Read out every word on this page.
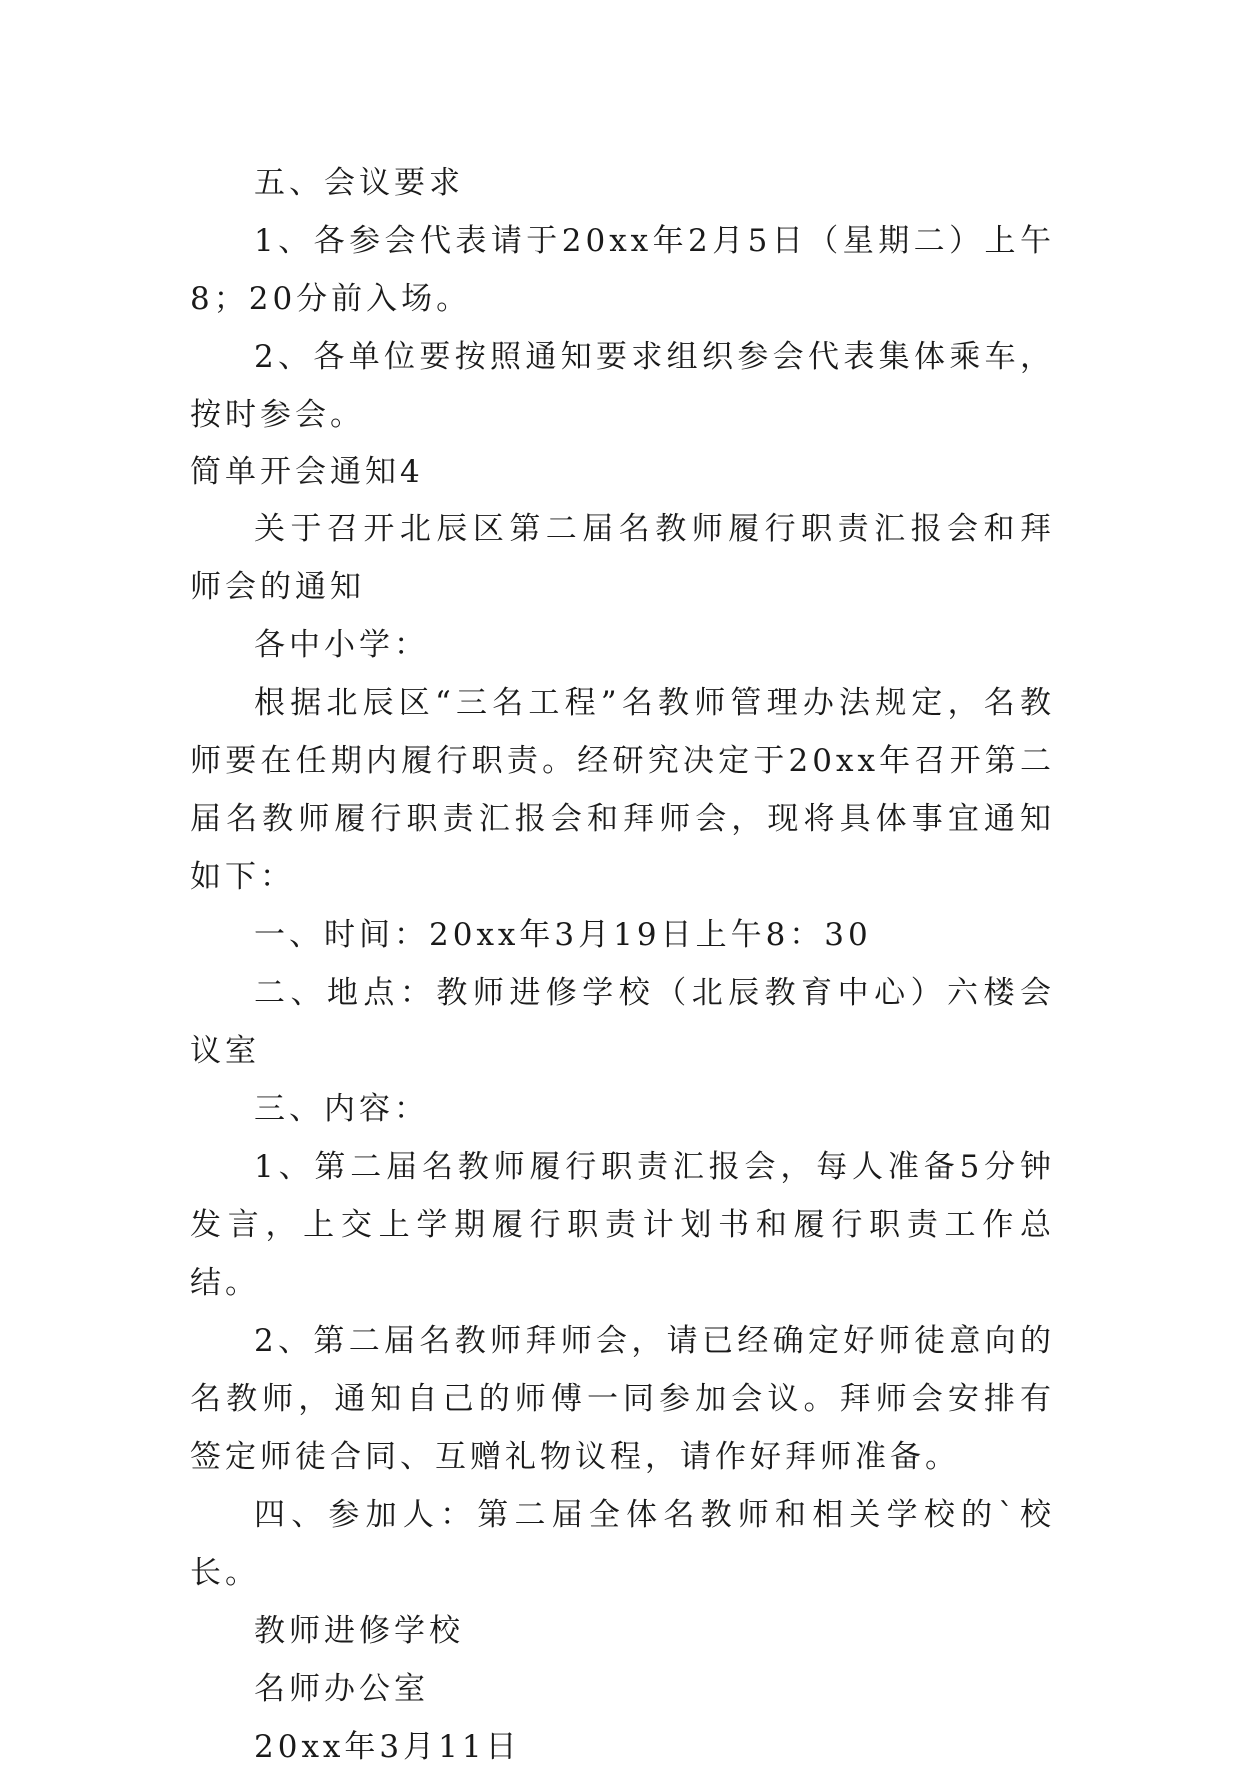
五、会议要求

1、各参会代表请于20xx年2月5日（星期二）上午8；20分前入场。

2、各单位要按照通知要求组织参会代表集体乘车，按时参会。

简单开会通知4

关于召开北辰区第二届名教师履行职责汇报会和拜师会的通知

各中小学：

根据北辰区“三名工程”名教师管理办法规定，名教师要在任期内履行职责。经研究决定于20xx年召开第二届名教师履行职责汇报会和拜师会，现将具体事宜通知如下：

一、时间：20xx年3月19日上午8：30

二、地点：教师进修学校（北辰教育中心）六楼会议室

三、内容：

1、第二届名教师履行职责汇报会，每人准备5分钟发言，上交上学期履行职责计划书和履行职责工作总结。

2、第二届名教师拜师会，请已经确定好师徒意向的名教师，通知自己的师傅一同参加会议。拜师会安排有签定师徒合同、互赠礼物议程，请作好拜师准备。

四、参加人：第二届全体名教师和相关学校的`校长。

教师进修学校

名师办公室

20xx年3月11日
